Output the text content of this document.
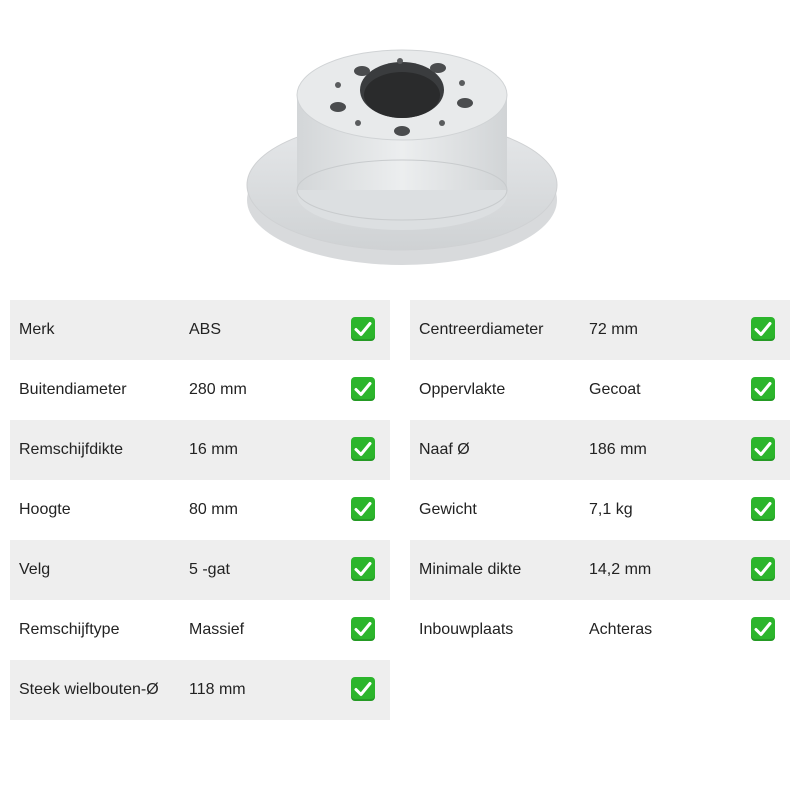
Merk	ABS
Buitendiameter	280 mm
Remschijfdikte	16 mm
Hoogte	80 mm
Velg	5 -gat
Remschijftype	Massief
Steek wielbouten-Ø 118 mm
Centreerdiameter	72 mm
Oppervlakte	Gecoat
Naaf Ø	186 mm
Gewicht	7,1 kg
Minimale dikte	14,2 mm
Inbouwplaats	Achteras
